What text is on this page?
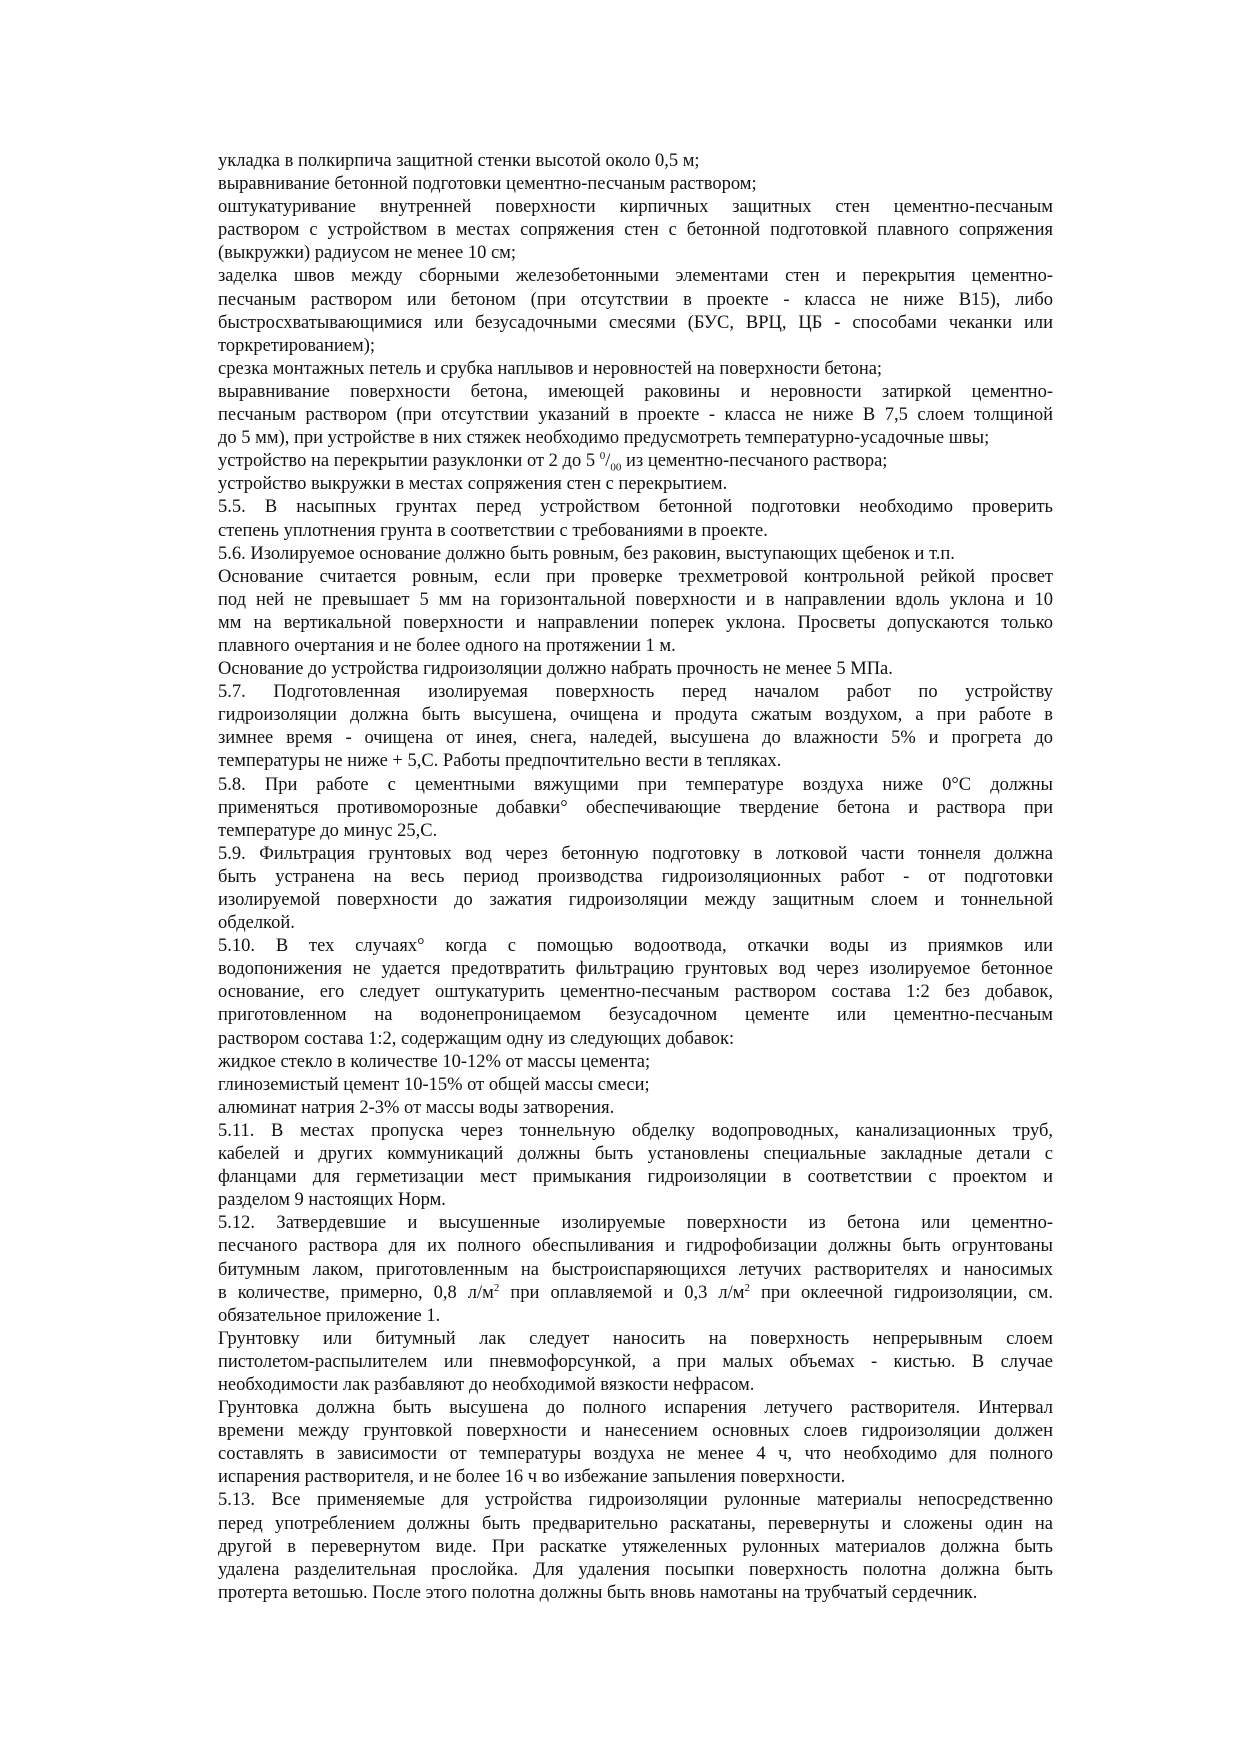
укладка в полкирпича защитной стенки высотой около 0,5 м;

выравнивание бетонной подготовки цементно-песчаным раствором;

оштукатуривание внутренней поверхности кирпичных защитных стен цементно-песчаным
раствором с устройством в местах сопряжения стен с бетонной подготовкой плавного сопряжения
(выкружки) радиусом не менее 10 см;

заделка швов между сборными железобетонными элементами стен и перекрытия цементно-
песчаным раствором или бетоном (при отсутствии в проекте - класса не ниже В15), либо
быстросхватывающимися или безусадочными смесями (БУС, ВРЦ, ЦБ - способами чеканки или
торкретированием);

срезка монтажных петель и срубка наплывов и неровностей на поверхности бетона;

выравнивание поверхности бетона, имеющей раковины и неровности затиркой цементно-
песчаным раствором (при отсутствии указаний в проекте - класса не ниже В 7,5 слоем толщиной
до 5 мм), при устройстве в них стяжек необходимо предусмотреть температурно-усадочные швы;

устройство на перекрытии разуклонки от 2 до 5 $^0/_{00}$ из цементно-песчаного раствора;

устройство выкружки в местах сопряжения стен с перекрытием.

5.5. В насыпных грунтах перед устройством бетонной подготовки необходимо проверить
степень уплотнения грунта в соответствии с требованиями в проекте.

5.6. Изолируемое основание должно быть ровным, без раковин, выступающих щебенок и т.п.

Основание считается ровным, если при проверке трехметровой контрольной рейкой просвет
под ней не превышает 5 мм на горизонтальной поверхности и в направлении вдоль уклона и 10
мм на вертикальной поверхности и направлении поперек уклона. Просветы допускаются только
плавного очертания и не более одного на протяжении 1 м.

Основание до устройства гидроизоляции должно набрать прочность не менее 5 МПа.

5.7. Подготовленная изолируемая поверхность перед началом работ по устройству
гидроизоляции должна быть высушена, очищена и продута сжатым воздухом, а при работе в
зимнее время - очищена от инея, снега, наледей, высушена до влажности 5% и прогрета до
температуры не ниже + 5,С. Работы предпочтительно вести в тепляках.

5.8. При работе с цементными вяжущими при температуре воздуха ниже 0°С должны
применяться противоморозные добавки° обеспечивающие твердение бетона и раствора при
температуре до минус 25,С.

5.9. Фильтрация грунтовых вод через бетонную подготовку в лотковой части тоннеля должна
быть устранена на весь период производства гидроизоляционных работ - от подготовки
изолируемой поверхности до зажатия гидроизоляции между защитным слоем и тоннельной
обделкой.

5.10. В тех случаях° когда с помощью водоотвода, откачки воды из приямков или
водопонижения не удается предотвратить фильтрацию грунтовых вод через изолируемое бетонное
основание, его следует оштукатурить цементно-песчаным раствором состава 1:2 без добавок,
приготовленном на водонепроницаемом безусадочном цементе или цементно-песчаным
раствором состава 1:2, содержащим одну из следующих добавок:

жидкое стекло в количестве 10-12% от массы цемента;

глиноземистый цемент 10-15% от общей массы смеси;

алюминат натрия 2-3% от массы воды затворения.

5.11. В местах пропуска через тоннельную обделку водопроводных, канализационных труб,
кабелей и других коммуникаций должны быть установлены специальные закладные детали с
фланцами для герметизации мест примыкания гидроизоляции в соответствии с проектом и
разделом 9 настоящих Норм.

5.12. Затвердевшие и высушенные изолируемые поверхности из бетона или цементно-
песчаного раствора для их полного обеспыливания и гидрофобизации должны быть огрунтованы
битумным лаком, приготовленным на быстроиспаряющихся летучих растворителях и наносимых
в количестве, примерно, 0,8 $л/м^2$ при оплавляемой и 0,3 $л/м^2$ при оклеечной гидроизоляции, см.
обязательное приложение 1.

Грунтовку или битумный лак следует наносить на поверхность непрерывным слоем
пистолетом-распылителем или пневмофорсункой, а при малых объемах - кистью. В случае
необходимости лак разбавляют до необходимой вязкости нефрасом.

Грунтовка должна быть высушена до полного испарения летучего растворителя. Интервал
времени между грунтовкой поверхности и нанесением основных слоев гидроизоляции должен
составлять в зависимости от температуры воздуха не менее 4 ч, что необходимо для полного
испарения растворителя, и не более 16 ч во избежание запыления поверхности.

5.13. Все применяемые для устройства гидроизоляции рулонные материалы непосредственно
перед употреблением должны быть предварительно раскатаны, перевернуты и сложены один на
другой в перевернутом виде. При раскатке утяжеленных рулонных материалов должна быть
удалена разделительная прослойка. Для удаления посыпки поверхность полотна должна быть
протерта ветошью. После этого полотна должны быть вновь намотаны на трубчатый сердечник.
